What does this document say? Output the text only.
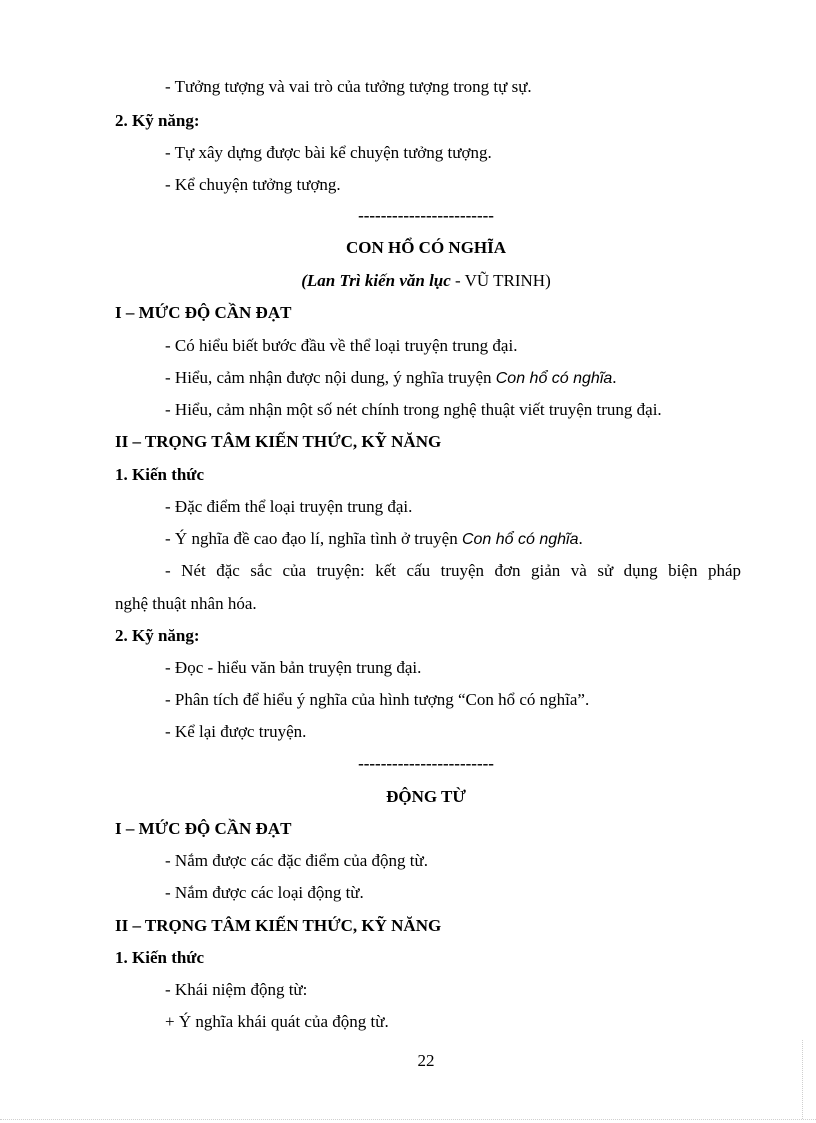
- Tưởng tượng và vai trò của tưởng tượng trong tự sự.
2. Kỹ năng:
- Tự xây dựng được bài kể chuyện tưởng tượng.
- Kể chuyện tưởng tượng.
------------------------
CON HỔ CÓ NGHĨA
(Lan Trì kiến văn lục - VŨ TRINH)
I – MỨC ĐỘ CẦN ĐẠT
- Có hiểu biết bước đầu về thể loại truyện trung đại.
- Hiểu, cảm nhận được nội dung, ý nghĩa truyện Con hổ có nghĩa.
- Hiểu, cảm nhận một số nét chính trong nghệ thuật viết truyện trung đại.
II – TRỌNG TÂM KIẾN THỨC, KỸ NĂNG
1. Kiến thức
- Đặc điểm thể loại truyện trung đại.
- Ý nghĩa đề cao đạo lí, nghĩa tình ở truyện Con hổ có nghĩa.
- Nét đặc sắc của truyện: kết cấu truyện đơn giản và sử dụng biện pháp
nghệ thuật nhân hóa.
2. Kỹ năng:
- Đọc - hiểu văn bản truyện trung đại.
- Phân tích để hiểu ý nghĩa của hình tượng “Con hổ có nghĩa”.
- Kể lại được truyện.
------------------------
ĐỘNG TỪ
I – MỨC ĐỘ CẦN ĐẠT
- Nắm được các đặc điểm của động từ.
- Nắm được các loại động từ.
II – TRỌNG TÂM KIẾN THỨC, KỸ NĂNG
1. Kiến thức
- Khái niệm động từ:
+ Ý nghĩa khái quát của động từ.
22
